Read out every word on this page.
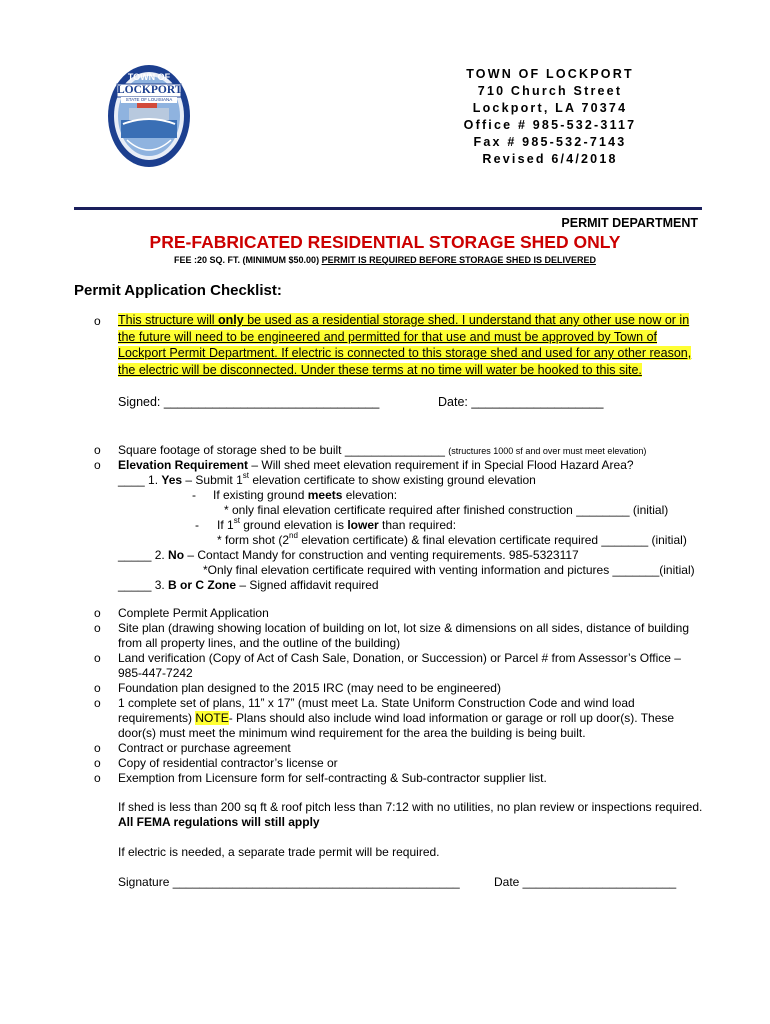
TOWN OF
LOCKPORT
STATE OF LOUISIANA
TOWN OF LOCKPORT
710 Church Street
Lockport, LA 70374
Office # 985-532-3117
Fax # 985-532-7143
Revised 6/4/2018
PERMIT DEPARTMENT
PRE-FABRICATED RESIDENTIAL STORAGE SHED ONLY
FEE :20 SQ. FT. (MINIMUM $50.00) PERMIT IS REQUIRED BEFORE STORAGE SHED IS DELIVERED
Permit Application Checklist:
o This structure will only be used as a residential storage shed. I understand that any other use now or in the future will need to be engineered and permitted for that use and must be approved by Town of Lockport Permit Department. If electric is connected to this storage shed and used for any other reason, the electric will be disconnected. Under these terms at no time will water be hooked to this site.
Signed: _______________________________	Date: ___________________
o Square footage of storage shed to be built _______________ (structures 1000 sf and over must meet elevation)
o Elevation Requirement – Will shed meet elevation requirement if in Special Flood Hazard Area?
____ 1. Yes – Submit 1st elevation certificate to show existing ground elevation
- If existing ground meets elevation:
* only final elevation certificate required after finished construction ________ (initial)
- If 1st ground elevation is lower than required:
* form shot (2nd elevation certificate) & final elevation certificate required _______ (initial)
_____ 2. No – Contact Mandy for construction and venting requirements. 985-5323117
*Only final elevation certificate required with venting information and pictures _______(initial)
_____ 3. B or C Zone – Signed affidavit required
o Complete Permit Application
o Site plan (drawing showing location of building on lot, lot size & dimensions on all sides, distance of building from all property lines, and the outline of the building)
o Land verification (Copy of Act of Cash Sale, Donation, or Succession) or Parcel # from Assessor’s Office – 985-447-7242
o Foundation plan designed to the 2015 IRC (may need to be engineered)
o 1 complete set of plans, 11” x 17” (must meet La. State Uniform Construction Code and wind load requirements) NOTE- Plans should also include wind load information or garage or roll up door(s). These door(s) must meet the minimum wind requirement for the area the building is being built.
o Contract or purchase agreement
o Copy of residential contractor’s license or
o Exemption from Licensure form for self-contracting & Sub-contractor supplier list.
If shed is less than 200 sq ft & roof pitch less than 7:12 with no utilities, no plan review or inspections required.
All FEMA regulations will still apply
If electric is needed, a separate trade permit will be required.
Signature ___________________________________________	Date _______________________
